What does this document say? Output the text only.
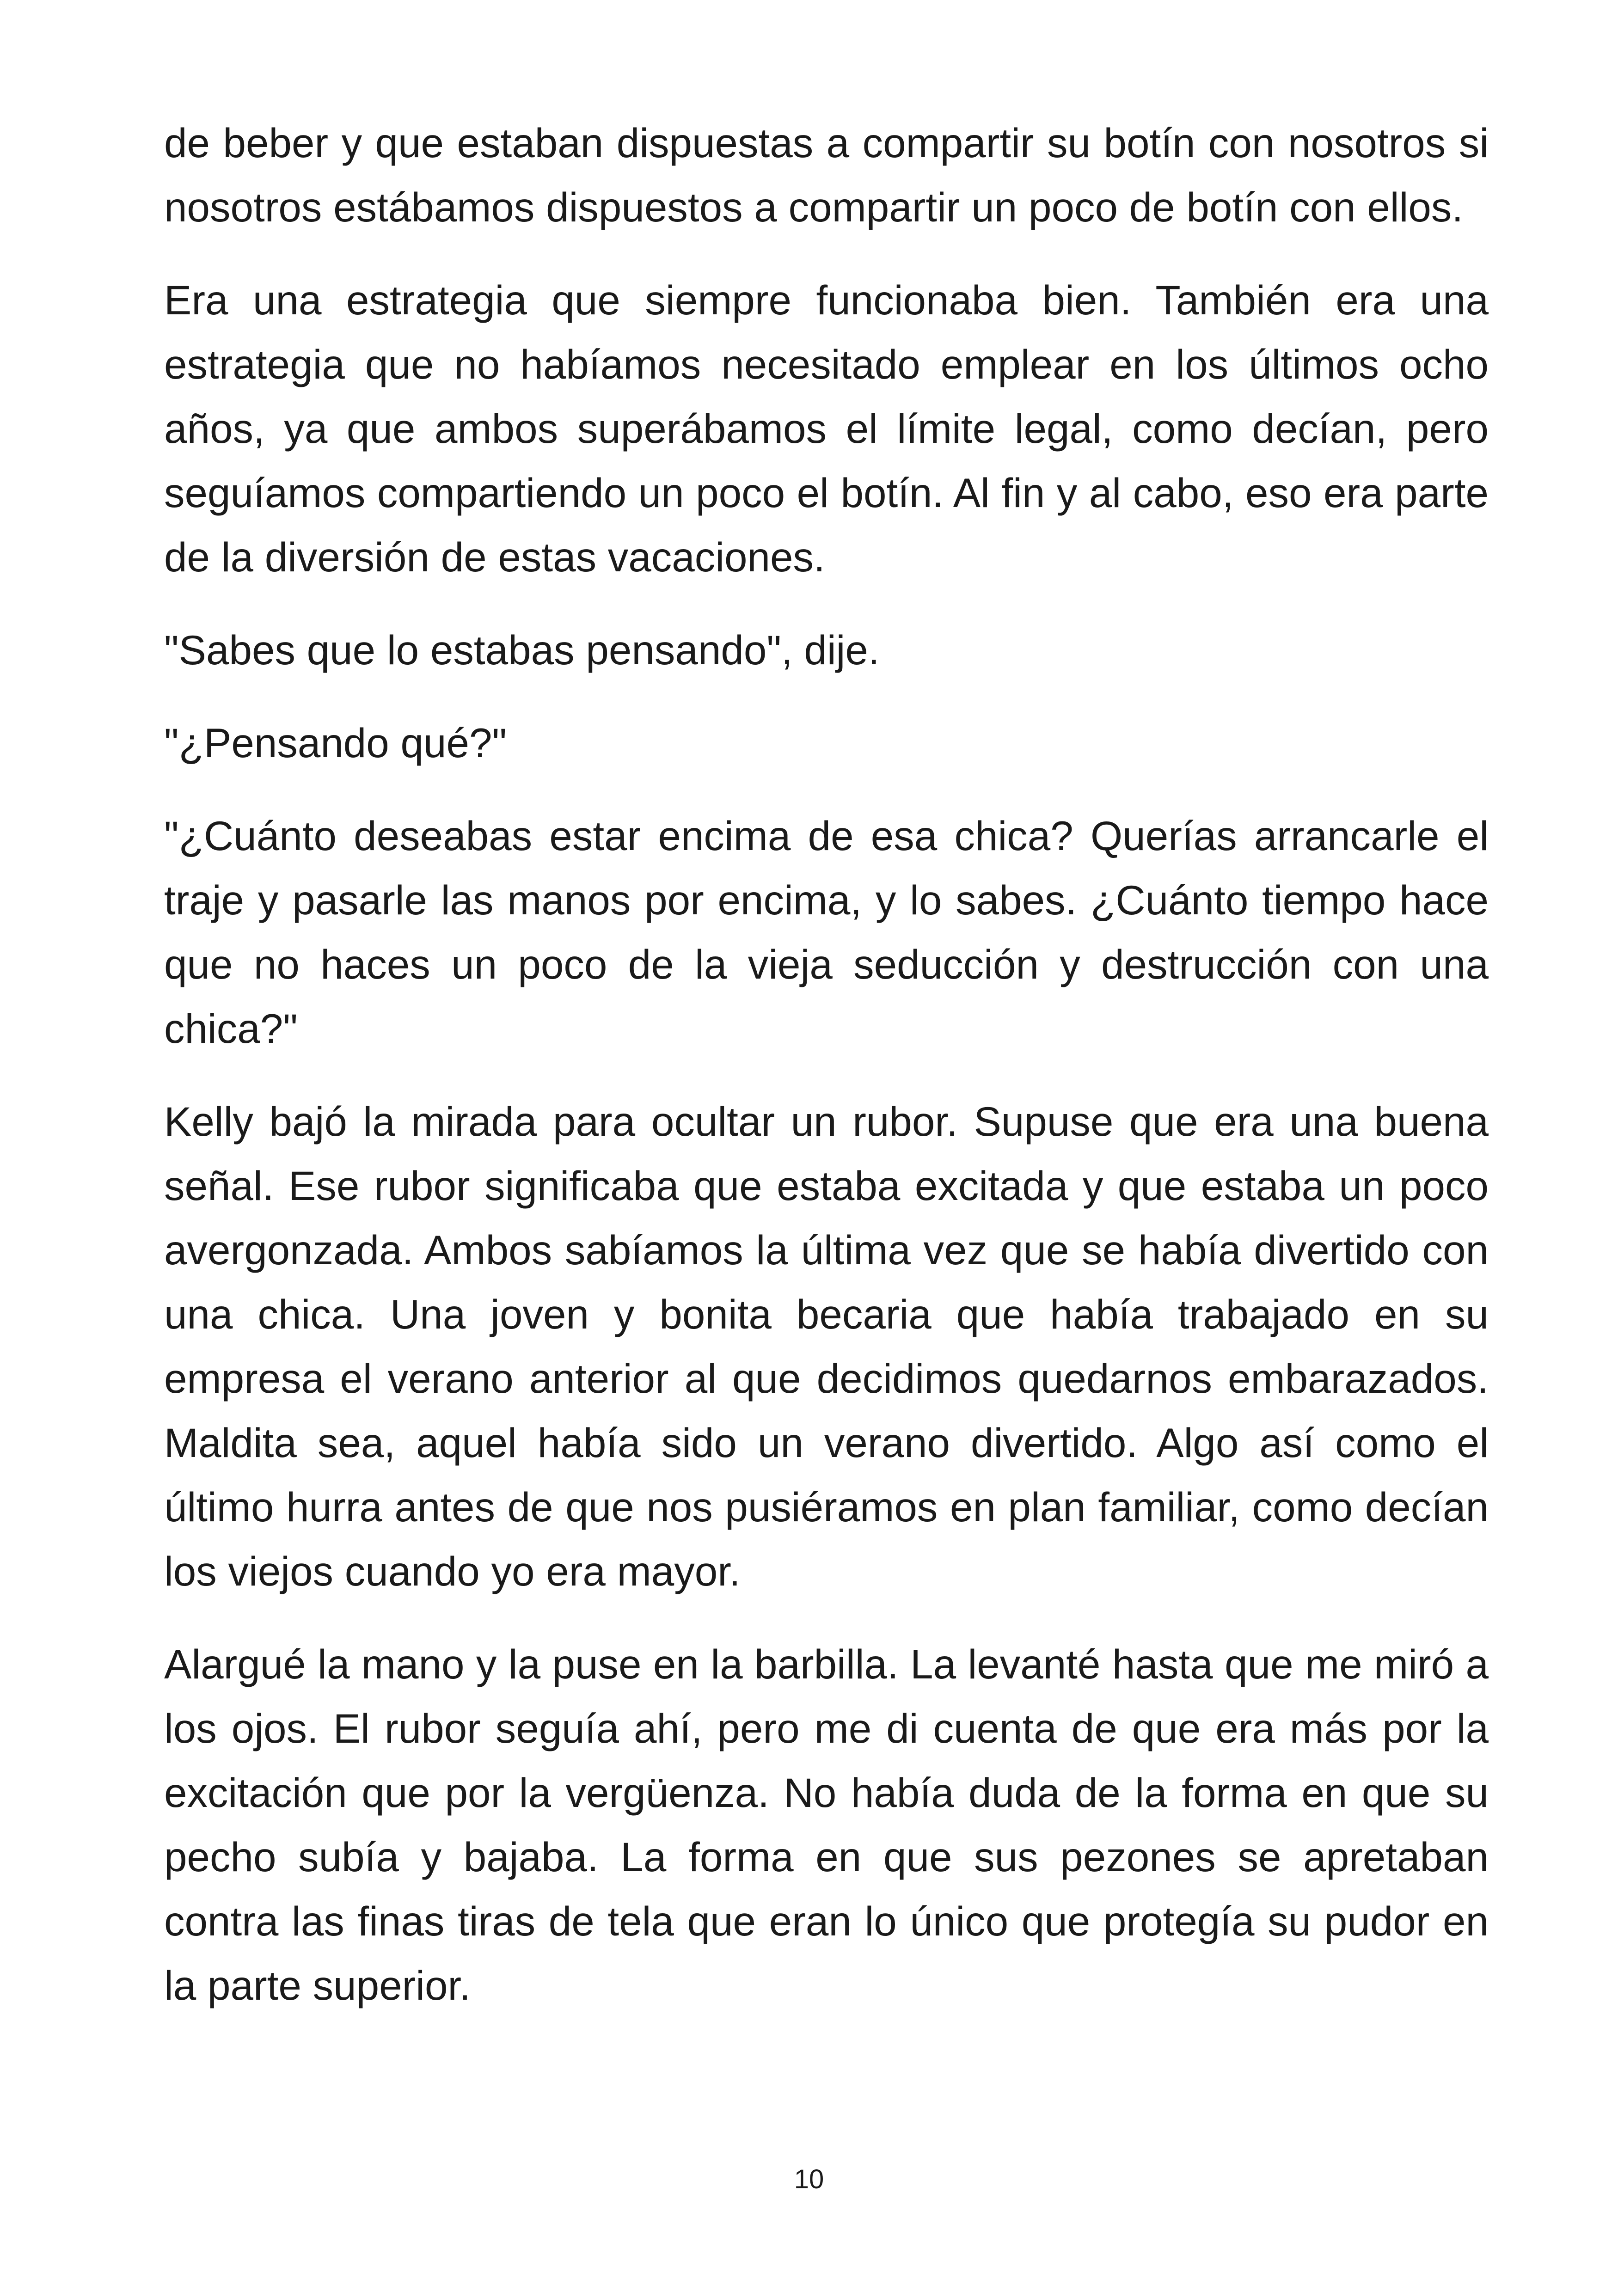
de beber y que estaban dispuestas a compartir su botín con nosotros si nosotros estábamos dispuestos a compartir un poco de botín con ellos.

Era una estrategia que siempre funcionaba bien. También era una estrategia que no habíamos necesitado emplear en los últimos ocho años, ya que ambos superábamos el límite legal, como decían, pero seguíamos compartiendo un poco el botín. Al fin y al cabo, eso era parte de la diversión de estas vacaciones.

"Sabes que lo estabas pensando", dije.

"¿Pensando qué?"

"¿Cuánto deseabas estar encima de esa chica? Querías arrancarle el traje y pasarle las manos por encima, y lo sabes. ¿Cuánto tiempo hace que no haces un poco de la vieja seducción y destrucción con una chica?"

Kelly bajó la mirada para ocultar un rubor. Supuse que era una buena señal. Ese rubor significaba que estaba excitada y que estaba un poco avergonzada. Ambos sabíamos la última vez que se había divertido con una chica. Una joven y bonita becaria que había trabajado en su empresa el verano anterior al que decidimos quedarnos embarazados. Maldita sea, aquel había sido un verano divertido. Algo así como el último hurra antes de que nos pusiéramos en plan familiar, como decían los viejos cuando yo era mayor.

Alargué la mano y la puse en la barbilla. La levanté hasta que me miró a los ojos. El rubor seguía ahí, pero me di cuenta de que era más por la excitación que por la vergüenza. No había duda de la forma en que su pecho subía y bajaba. La forma en que sus pezones se apretaban contra las finas tiras de tela que eran lo único que protegía su pudor en la parte superior.

10
